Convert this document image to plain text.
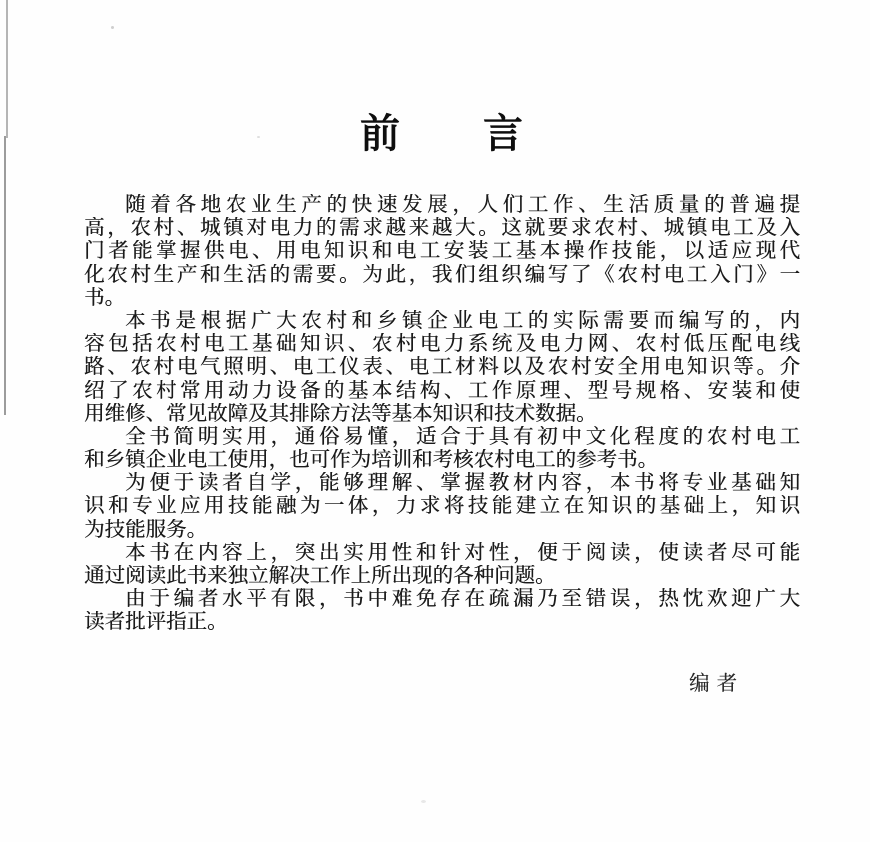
前　　言
随着各地农业生产的快速发展，人们工作、生活质量的普遍提
高，农村、城镇对电力的需求越来越大。这就要求农村、城镇电工及入
门者能掌握供电、用电知识和电工安装工基本操作技能，以适应现代
化农村生产和生活的需要。为此，我们组织编写了《农村电工入门》一
书。
本书是根据广大农村和乡镇企业电工的实际需要而编写的，内
容包括农村电工基础知识、农村电力系统及电力网、农村低压配电线
路、农村电气照明、电工仪表、电工材料以及农村安全用电知识等。介
绍了农村常用动力设备的基本结构、工作原理、型号规格、安装和使
用维修、常见故障及其排除方法等基本知识和技术数据。
全书简明实用，通俗易懂，适合于具有初中文化程度的农村电工
和乡镇企业电工使用，也可作为培训和考核农村电工的参考书。
为便于读者自学，能够理解、掌握教材内容，本书将专业基础知
识和专业应用技能融为一体，力求将技能建立在知识的基础上，知识
为技能服务。
本书在内容上，突出实用性和针对性，便于阅读，使读者尽可能
通过阅读此书来独立解决工作上所出现的各种问题。
由于编者水平有限，书中难免存在疏漏乃至错误，热忱欢迎广大
读者批评指正。
编者
